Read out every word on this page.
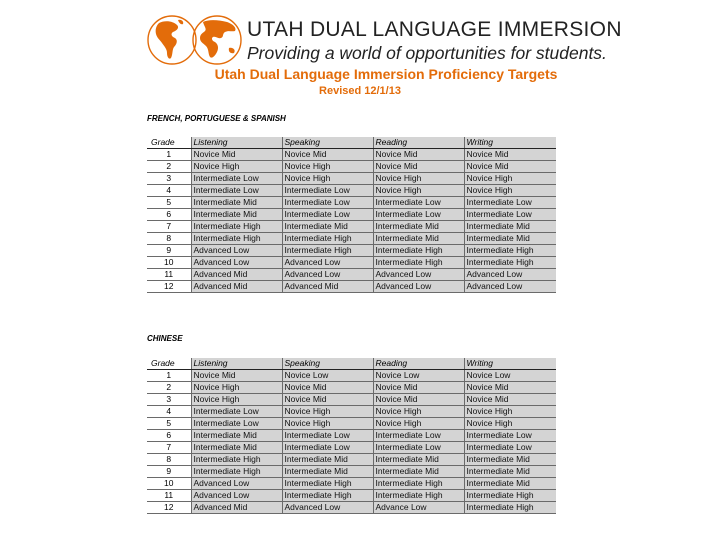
UTAH DUAL LANGUAGE IMMERSION
Providing a world of opportunities for students.
Utah Dual Language Immersion Proficiency Targets
Revised 12/1/13
FRENCH, PORTUGUESE & SPANISH
Grade	Listening	Speaking	Reading	Writing
1	Novice Mid	Novice Mid	Novice Mid	Novice Mid
2	Novice High	Novice High	Novice Mid	Novice Mid
3	Intermediate Low	Novice High	Novice High	Novice High
4	Intermediate Low	Intermediate Low	Novice High	Novice High
5	Intermediate Mid	Intermediate Low	Intermediate Low	Intermediate Low
6	Intermediate Mid	Intermediate Low	Intermediate Low	Intermediate Low
7	Intermediate High	Intermediate Mid	Intermediate Mid	Intermediate Mid
8	Intermediate High	Intermediate High	Intermediate Mid	Intermediate Mid
9	Advanced Low	Intermediate High	Intermediate High	Intermediate High
10	Advanced Low	Advanced Low	Intermediate High	Intermediate High
11	Advanced Mid	Advanced Low	Advanced Low	Advanced Low
12	Advanced Mid	Advanced Mid	Advanced Low	Advanced Low
CHINESE
Grade	Listening	Speaking	Reading	Writing
1	Novice Mid	Novice Low	Novice Low	Novice Low
2	Novice High	Novice Mid	Novice Mid	Novice Mid
3	Novice High	Novice Mid	Novice Mid	Novice Mid
4	Intermediate Low	Novice High	Novice High	Novice High
5	Intermediate Low	Novice High	Novice High	Novice High
6	Intermediate Mid	Intermediate Low	Intermediate Low	Intermediate Low
7	Intermediate Mid	Intermediate Low	Intermediate Low	Intermediate Low
8	Intermediate High	Intermediate Mid	Intermediate Mid	Intermediate Mid
9	Intermediate High	Intermediate Mid	Intermediate Mid	Intermediate Mid
10	Advanced Low	Intermediate High	Intermediate High	Intermediate Mid
11	Advanced Low	Intermediate High	Intermediate High	Intermediate High
12	Advanced Mid	Advanced Low	Advance Low	Intermediate High
